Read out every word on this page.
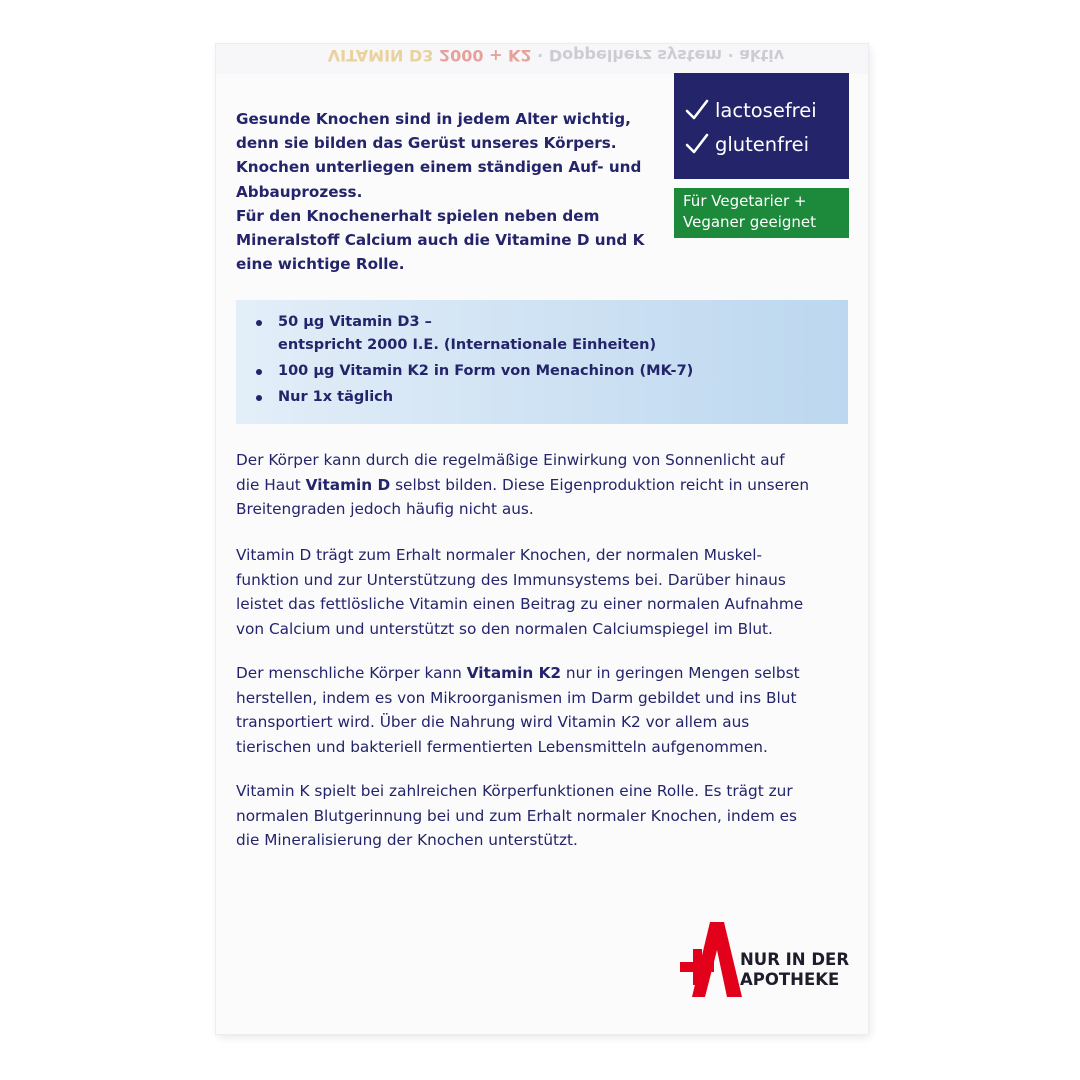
VITAMIN D3 2000 + K2 · Doppelherz system · aktiv

Gesunde Knochen sind in jedem Alter wichtig,
denn sie bilden das Gerüst unseres Körpers.
Knochen unterliegen einem ständigen Auf- und
Abbauprozess.
Für den Knochenerhalt spielen neben dem
Mineralstoff Calcium auch die Vitamine D und K
eine wichtige Rolle.

lactosefrei
glutenfrei
Für Vegetarier +
Veganer geeignet
50 µg Vitamin D3 –
entspricht 2000 I.E. (Internationale Einheiten)
100 µg Vitamin K2 in Form von Menachinon (MK-7)
Nur 1x täglich

Der Körper kann durch die regelmäßige Einwirkung von Sonnenlicht auf
die Haut Vitamin D selbst bilden. Diese Eigenproduktion reicht in unseren
Breitengraden jedoch häufig nicht aus.

Vitamin D trägt zum Erhalt normaler Knochen, der normalen Muskel-
funktion und zur Unterstützung des Immunsystems bei. Darüber hinaus
leistet das fettlösliche Vitamin einen Beitrag zu einer normalen Aufnahme
von Calcium und unterstützt so den normalen Calciumspiegel im Blut.

Der menschliche Körper kann Vitamin K2 nur in geringen Mengen selbst
herstellen, indem es von Mikroorganismen im Darm gebildet und ins Blut
transportiert wird. Über die Nahrung wird Vitamin K2 vor allem aus
tierischen und bakteriell fermentierten Lebensmitteln aufgenommen.

Vitamin K spielt bei zahlreichen Körperfunktionen eine Rolle. Es trägt zur
normalen Blutgerinnung bei und zum Erhalt normaler Knochen, indem es
die Mineralisierung der Knochen unterstützt.

NUR IN DER
APOTHEKE
